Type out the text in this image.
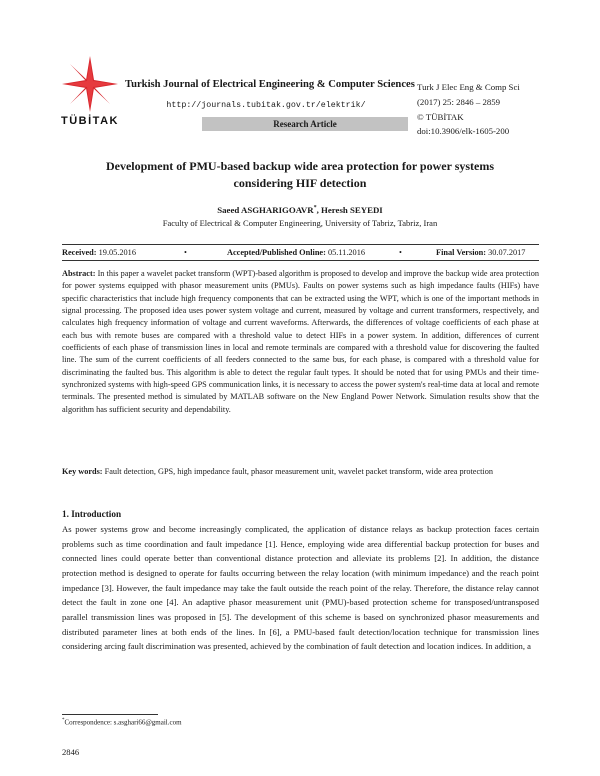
TÜBİTAK
Turkish Journal of Electrical Engineering & Computer Sciences
http://journals.tubitak.gov.tr/elektrik/
Research Article
Turk J Elec Eng & Comp Sci
(2017) 25: 2846 – 2859
© TÜBİTAK
doi:10.3906/elk-1605-200
Development of PMU-based backup wide area protection for power systems
considering HIF detection
Saeed ASGHARIGOAVR*, Heresh SEYEDI
Faculty of Electrical & Computer Engineering, University of Tabriz, Tabriz, Iran
Received: 19.05.2016	•	Accepted/Published Online: 05.11.2016	•	Final Version: 30.07.2017

Abstract: In this paper a wavelet packet transform (WPT)-based algorithm is proposed to develop and improve the backup wide area protection for power systems equipped with phasor measurement units (PMUs). Faults on power systems such as high impedance faults (HIFs) have specific characteristics that include high frequency components that can be extracted using the WPT, which is one of the important methods in signal processing. The proposed idea uses power system voltage and current, measured by voltage and current transformers, respectively, and calculates high frequency information of voltage and current waveforms. Afterwards, the differences of voltage coefficients of each phase at each bus with remote buses are compared with a threshold value to detect HIFs in a power system. In addition, differences of current coefficients of each phase of transmission lines in local and remote terminals are compared with a threshold value for discovering the faulted line. The sum of the current coefficients of all feeders connected to the same bus, for each phase, is compared with a threshold value for discriminating the faulted bus. This algorithm is able to detect the regular fault types. It should be noted that for using PMUs and their time-synchronized systems with high-speed GPS communication links, it is necessary to access the power system's real-time data at local and remote terminals. The presented method is simulated by MATLAB software on the New England Power Network. Simulation results show that the algorithm has sufficient security and dependability.

Key words: Fault detection, GPS, high impedance fault, phasor measurement unit, wavelet packet transform, wide area protection

1. Introduction

As power systems grow and become increasingly complicated, the application of distance relays as backup protection faces certain problems such as time coordination and fault impedance [1]. Hence, employing wide area differential backup protection for buses and connected lines could operate better than conventional distance protection and alleviate its problems [2]. In addition, the distance protection method is designed to operate for faults occurring between the relay location (with minimum impedance) and the reach point impedance [3]. However, the fault impedance may take the fault outside the reach point of the relay. Therefore, the distance relay cannot detect the fault in zone one [4]. An adaptive phasor measurement unit (PMU)-based protection scheme for transposed/untransposed parallel transmission lines was proposed in [5]. The development of this scheme is based on synchronized phasor measurements and distributed parameter lines at both ends of the lines. In [6], a PMU-based fault detection/location technique for transmission lines considering arcing fault discrimination was presented, achieved by the combination of fault detection and location indices. In addition, a

*Correspondence: s.asghari66@gmail.com
2846
